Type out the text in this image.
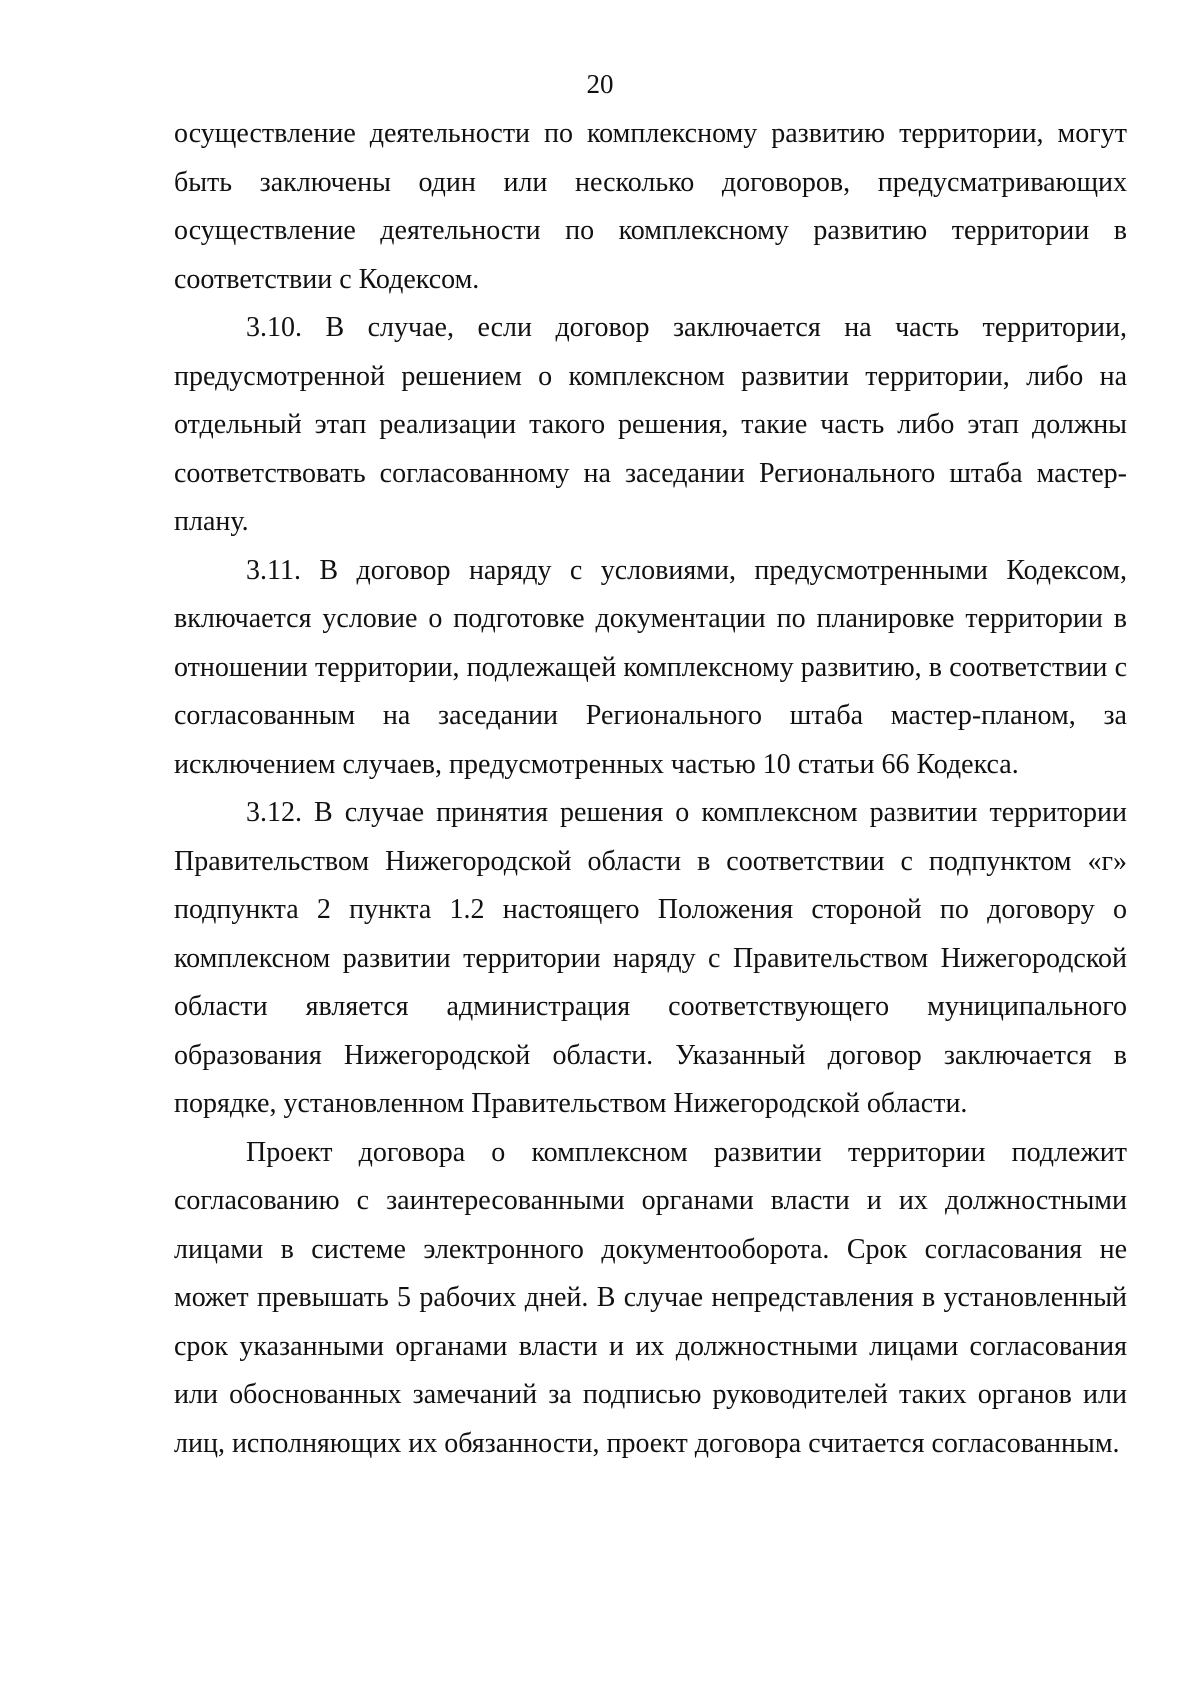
20

осуществление деятельности по комплексному развитию территории, могут быть заключены один или несколько договоров, предусматривающих осуществление деятельности по комплексному развитию территории в соответствии с Кодексом.

3.10. В случае, если договор заключается на часть территории, предусмотренной решением о комплексном развитии территории, либо на отдельный этап реализации такого решения, такие часть либо этап должны соответствовать согласованному на заседании Регионального штаба мастер-плану.

3.11. В договор наряду с условиями, предусмотренными Кодексом, включается условие о подготовке документации по планировке территории в отношении территории, подлежащей комплексному развитию, в соответствии с согласованным на заседании Регионального штаба мастер-планом, за исключением случаев, предусмотренных частью 10 статьи 66 Кодекса.

3.12. В случае принятия решения о комплексном развитии территории Правительством Нижегородской области в соответствии с подпунктом «г» подпункта 2 пункта 1.2 настоящего Положения стороной по договору о комплексном развитии территории наряду с Правительством Нижегородской области является администрация соответствующего муниципального образования Нижегородской области. Указанный договор заключается в порядке, установленном Правительством Нижегородской области.

Проект договора о комплексном развитии территории подлежит согласованию с заинтересованными органами власти и их должностными лицами в системе электронного документооборота. Срок согласования не может превышать 5 рабочих дней. В случае непредставления в установленный срок указанными органами власти и их должностными лицами согласования или обоснованных замечаний за подписью руководителей таких органов или лиц, исполняющих их обязанности, проект договора считается согласованным.
